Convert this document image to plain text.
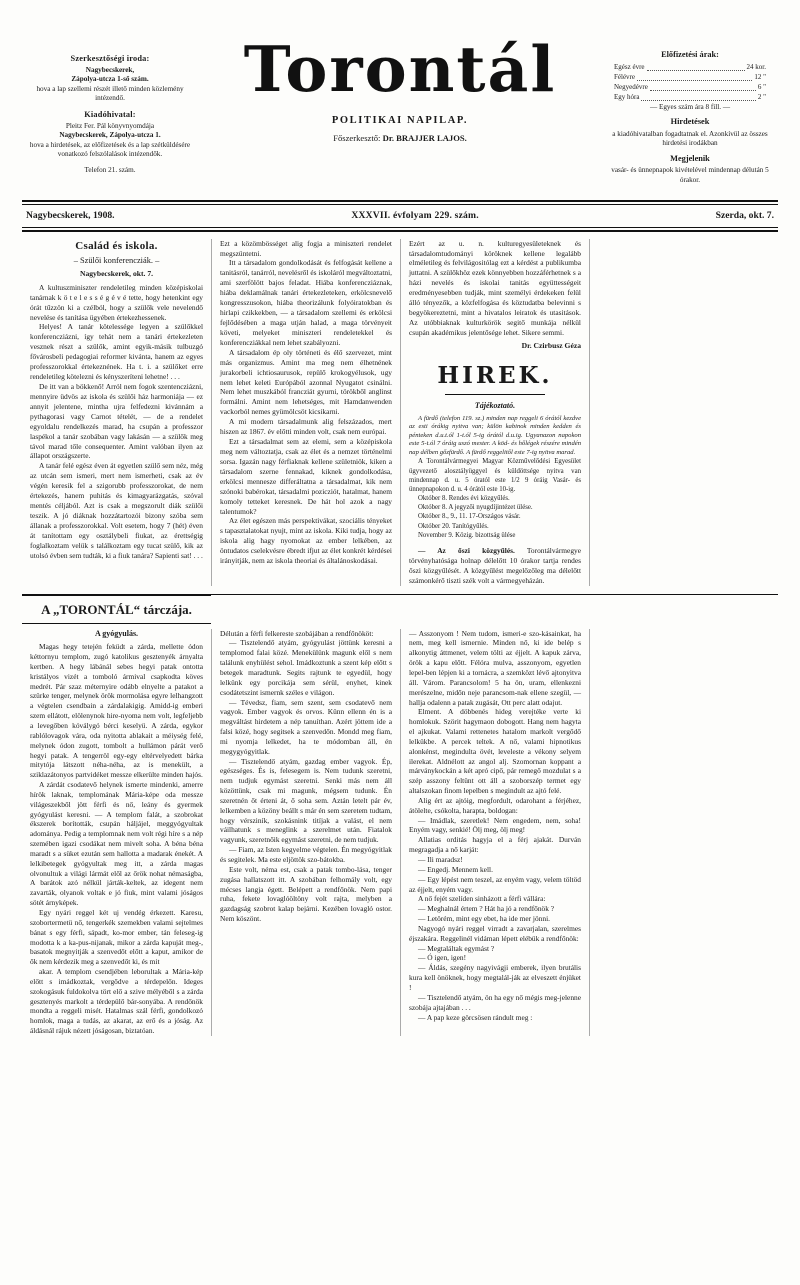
Szerkesztőségi iroda:

Nagybecskerek,
Zápolya-utcza 1-ső szám.
hova a lap szellemi részét illető minden közlemény intézendő.

Kiadóhivatal:

Pleitz Fer. Pál könyvnyomdája
Nagybecskerek, Zápolya-utcza 1.
hova a hirdetések, az előfizetések és a lap szétküldésére vonatkozó felszólalások intézendők.

Telefon 21. szám.

Torontál
POLITIKAI NAPILAP.
Főszerkesztő: Dr. BRAJJER LAJOS.
Előfizetési árak:
Egész évre	24 kor.
Félévre	12 "
Negyedévre	6 "
Egy hóra	2 "

— Egyes szám ára 8 fill. —

Hirdetések

a kiadóhivatalban fogadtatnak el. Azonkívül az összes hirdetési irodákban

Megjelenik

vasár- és ünnepnapok kivételével mindennap délután 5 órakor.

Nagybecskerek, 1908.	XXXVII. évfolyam 229. szám.	Szerda, okt. 7.
Család és iskola.
– Szülői konferencziák. –
Nagybecskerek, okt. 7.

A kultuszminiszter rendeletileg minden középiskolai tanárnak k ö t e l e s s é g é v é tette, hogy hetenkint egy órát tűzzön ki a czélból, hogy a szülők vele nevelendő nevelése és tanítása ügyében értekezhessenek.

Helyes! A tanár kötelessége legyen a szülőkkel konferencziázni, így tehát nem a tanári értekezleten vesznek részt a szülők, amint egyik-másik tulbuzgó fővárosbeli pedagogiai reformer kivánta, hanem az egyes professzorokkal értekeznének. Ha t. i. a szülőket erre rendeletileg kötelezni és kényszeríteni lehetne! . . .

De itt van a bökkenő! Arról nem fogok szentencziázni, mennyire üdvös az iskola és szülői ház harmoniája — ez annyit jelentene, mintha ujra felfedezni kivánnám a pythagorasi vagy Carnot tételét, — de a rendelet egyoldalu rendelkezés marad, ha csupán a professzor laspékol a tanár szobában vagy lakásán — a szülők meg távol marad tőle consequenter. Amint valóban ilyen az állapot országszerte.

A tanár felé egész éven át egyetlen szülő sem néz, még az utcán sem ismeri, mert nem ismerheti, csak az év végén keresik fel a szigorubb professzorokat, de nem értekezés, hanem puhitás és kimagyarázgatás, szóval mentés céljából. Azt is csak a megszorult diák szülői teszik. A jó diáknak hozzátartozói bizony szóba sem állanak a professzorokkal. Volt esetem, hogy 7 (hét) éven át tanítottam egy osztálybeli fiukat, az érettségig foglalkoztam velük s találkoztam egy tucat szülő, kik az utolsó évben sem tudták, ki a fiuk tanára? Sapienti sat! . . .

Ezt a közömbösséget alig fogja a miniszteri rendelet megszüntetni.

Itt a társadalom gondolkodását és felfogását kellene a tanitásról, tanárról, nevelésről és iskoláról megváltoztatni, ami szerfölött bajos feladat. Hiába konferencziáznak, hiába deklamálnak tanári értekezleteken, erkölcsnevelő kongresszusokon, hiába theorizálunk folyóiratokban és hirlapi czikkekben, — a társadalom szellemi és erkölcsi fejlődésében a maga utján halad, a maga törvényeit követi, melyeket miniszteri rendeletekkel és konferencziákkal nem lehet szabályozni.

A társadalom ép oly történeti és élő szervezet, mint más organizmus. Amint ma meg nem élhetnének jurakorbeli ichtiosaurusok, repülő krokogyélusok, ugy nem lehet keleti Európából azonnal Nyugatot csinálni. Nem lehet muszkából francziát gyurni, törökből anglinst formálni. Amint nem lehetséges, mit Hamdanwenden vackorból nemes gyümölcsöt kicsikarni.

A mi modern társadalmunk alig felszázados, mert hiszen az 1867. év előtti minden volt, csak nem európai.

Ezt a társadalmat sem az elemi, sem a középiskola meg nem változtatja, csak az élet és a nemzet történelmi sorsa. Igazán nagy férfiaknak kellene születniök, kiken a társadalom szerne fennakad, kiknek gondolkodása, erkölcsi mennesze differáltatna a társadalmat, kik nem szónoki babérokat, társadalmi pozicziót, hatalmat, hanem komoly tetteket keresnek. De hát hol azok a nagy talentumok?

Az élet egészen más perspektivákat, szociális tényeket s tapasztalatokat nyujt, mint az iskola. Kiki tudja, hogy az iskola alig hagy nyomokat az ember lelkében, az öntudatos cselekvésre ébredt ifjut az élet konkrét kérdései irányitják, nem az iskola theoriai és általánoskodásai.

Ezért az u. n. kulturegyesületeknek és társadalomtudományi köröknek kellene legalább elméletileg és felvilágositólag ezt a kérdést a publikumba juttatni. A szülőkhöz ezek könnyebben hozzáférhetnek s a házi nevelés és iskolai tanitás együttességeit eredményesebben tudják, mint személyi érdekeken felül álló tényezők, a közfelfogása és köztudatba belevinni s begyökereztetni, mint a hivatalos leiratok és utasitások. Az utóbbiaknak kulturkörök segitő munkája nélkül csupán akadémikus jelentősége lehet. Sikere semmi.

Dr. Czirbusz Géza
HIREK.
Tájékoztató.

A fürdő (telefon 119. sz.) minden nap reggeli 6 órától kezdve az esti órákig nyitva van; külön kabinok minden kedden és pénteken d.u.t.ól 1-t.ól 5-ig órától d.u.ig. Ugyanazon napokon este 5-t.ól 7 óráig uszó mester. A köd- és hőlégek részére mindén nap délben gőzfürdő. A fürdő reggelitől este 7-ig nyitva marad.

A Torontálvármegyei Magyar Közművelődési Egyesület ügyvezető alosztályüggyel és küldöttsége nyitva van mindennap d. u. 5 óratól este 1/2 9 óráig Vasár- és ünnepnapokon d. u. 4 órától este 10-ig.

Október 8. Rendes évi közgyűlés.

Október 8. A jegyzői nyugdíjintézet ülése.

Október 8., 9., 11. 17-Országos vásár.

Október 20. Tanítógyűlés.

November 9. Közig. bizottság ülése

— Az őszi közgyűlés. Torontálvármegye törvényhatósága holnap délelőtt 10 órakor tartja rendes őszi közgyűlését. A közgyűlést megelőzőleg ma délelőtt számonkérő tiszti szék volt a vármegyeházán.

A „TORONTÁL“ tárczája.
A gyógyulás.

Magas hegy tetején feküdt a zárda, mellette ódon kéttornyu templom, zugó katolikus gesztenyék árnyalta kertben. A hegy lábánál sebes hegyi patak ontotta kristályos vizét a tomboló ármival csapkodta köves medrét. Pár szaz méternyire odább elnyelte a patakot a szürke tenger, melynek örök mormolása egyre lelhangzott a végtelen csendbain a zárdalakigig. Amidd-ig emberi szem ellátott, elölenynok hire-nyoma nem volt, legfeljebb a levegőben kóválygó bérci keselyü. A zárda, egykor rablólovagok vára, oda nyitotta ablakait a méiység felé, melynek ódon zugott, tombolt a hullámon párát verő hegyi patak. A tengerröl egy-egy eltérvelyedett bárka mitytója látszott néha-néha, az is menekült, a sziklazátonyos partvidéket messze elkerülte minden hajós.

A zárdát csodatevő helynek ismerte mindenki, amerre hírök laknak, templomának Mária-képe oda messze világeszekből jött férfi és nő, leány és gyermek gyógyulást keresni. — A templom falát, a szobrokat ékszerek borították, csupán háljájel, meggyógyultak adománya. Pedig a templomnak nem volt régi híre s a nép szemében igazi csodákat nem mivelt soha. A béna béna maradt s a süket ezután sem hallotta a madarak énekét. A lelkibetegek gyógyultak meg itt, a zárda magas olvonultuk a világi lármát elől az őrök nohat némaságba, A barátok azó nélkül járták-keltek, az idegent nem zavarták, olyanok voltak e jó fiuk, mint valami jóságos sötét árnyképek.

Egy nyári reggel két uj vendég érkezett. Karesu, szobortermetü nő, tengerkék szemekben valami sejtelmes bánat s egy férfi, sápadt, ko-mor ember, tán feleseg-ig modotta k a ka-pus-nijanak, mikor a zárda kapuját meg-, basatok megnyitják a szenvedőt előtt a kaput, amikor de ők nem kérdezik meg a szenvedőt ki, és mit

akar. A templom csendjében leborultak a Mária-kép előtt s imádkoztak, vergődve a térdepelőn. Ideges szokogásuk fuldokolva tört elő a szive mélyéből s a zárda gesztenyés markolt a térdepülő bár-sonyába. A rendőnök mondta a reggeli misét. Hatalmas szál férfi, gondolkozó homlok, maga a tudás, az akarat, az erő és a jóság. Az áldásnál rájuk nézett jóságosan, biztatóan.

Délután a férfi felkereste szobájában a rendfőnököt:

— Tisztelendő atyám, gyógyulást jöttünk keresni a templomod falai közé. Menekülünk magunk elől s nem találunk enyhülést sehol. Imádkoztunk a szent kép előtt s betegek maradtunk. Segits rajtunk te egyedül, hogy lelkünk egy porcikája sem sérül, enyhet, kinek csodátetszint ismernk széles e világon.

— Tévedsz, fiam, sem szent, sem csodatevő nem vagyok. Ember vagyok és orvos. Künn ellenn én is a megváltást hirdetem a nép tanuíthan. Azért jöttem ide a falsi közé, hogy segitsek a szenvedőn. Mondd meg fiam, mi nyomja lelkedet, ha te módomban áll, én megygyógyitlak.

— Tisztelendő atyám, gazdag ember vagyok. Ép, egészséges. És is, felesegem is. Nem tudunk szeretni, nem tudjuk egymást szeretni. Senki más nem áll közöttünk, csak mi magunk, mégsem tudunk. Én szeretnén őt érteni át, ő soha sem. Aztán letelt pár év, lelkemben a közöny beállt s már én sem szeretem tudtam, hogy vérsziník, szokásnink titíjak a valást, el nem váilhatunk s meneglink a szerelmet után. Fiatalok vagyunk, szeretnőik egymást szeretni, de nem tudjuk.

— Fiam, az Isten kegyelme végtelen. Én megyógyitlak és segitelek. Ma este eljöttök szo-bátokba.

Este volt, néma est, csak a patak tombo-lása, tenger zugása hallatszott itt. A szobában felhomály volt, egy mécses langja égett. Belépett a rendfőnök. Nem papi ruha, fekete lovaglóöltöny volt rajta, melyben a gazdagság szobrot kalap bejárni. Kezében lovagló ostor. Nem köszönt.

— Asszonyom ! Nem tudom, ismeri-e szo-kásainkat, ha nem, meg kell ismernie. Minden nő, ki ide belép s alkonytig áttmenet, velem tölti az éjjelt. A kapuk zárva, örök a kapu előtt. Félóra mulva, asszonyom, egyetlen lepel-ben lépjen ki a tornácra, a szemközt lévő ajtonyitva áll. Várom. Parancsolom! 5 ha ön, uram, ellenkezni merészelne, midőn neje parancsom-nak ellene szegül, — hallja odalenn a patak zugását, Ott perc alatt odajut.

Elment. A döbbenés hideg verejtéke verte ki homlokuk. Szörit hagymaon dobogott. Hang nem hagyta el ajkukat. Valami rettenetes hatalom markolt vergődő lelkükbe. A percek teltek. A nő, valami hipnotikus alonkénst, megindulta övét, leveleste a vékony selyem ilerekat. Aldnélott az angol alj. Szomornan koppant a márványkockán a két apró cipő, pár remegő mozdulat s a szép asszony feltünt ott áll a szoborszép termet egy altalszokan finom lepelben s megindult az ajtó felé.

Alig ért az ajtóig, megfordult, odarohant a férjéhez, átölelte, csókolta, harapta, boldogan:

— Imádlak, szeretlek! Nem engedem, nem, soha! Enyém vagy, senkié! Ölj meg, ölj meg!

Allatias orditás hagyja el a férj ajakát. Durván megragadja a nő karját:

— Ili maradsz!

— Engedj. Mennem kell.

— Egy lépést nem teszel, az enyém vagy, velem töltöd az éjjelt, enyém vagy.

A nő fejét szelíden sinházott a férfi vállára:

— Meghalnál értem ? Hát ha jó a rendfőnök ?

— Letörém, mint egy ebet, ha ide mer jönni.

Nagyogó nyári reggel virradt a zavarjalan, szerelmes éjszakára. Reggelinél vidáman lépett elébük a rendfőnök:

— Megtaláltak egymást ?

— Ó igen, igen!

— Áldás, szegény nagyivágji emberek, ilyen brutális kura kell önöknek, hogy megtalál-ják az elveszett énjüket !

— Tisztelendő atyám, ön ha egy nő mégis meg-jelenne szobája ajtajában . . .

— A pap keze görcsösen rándult meg :
